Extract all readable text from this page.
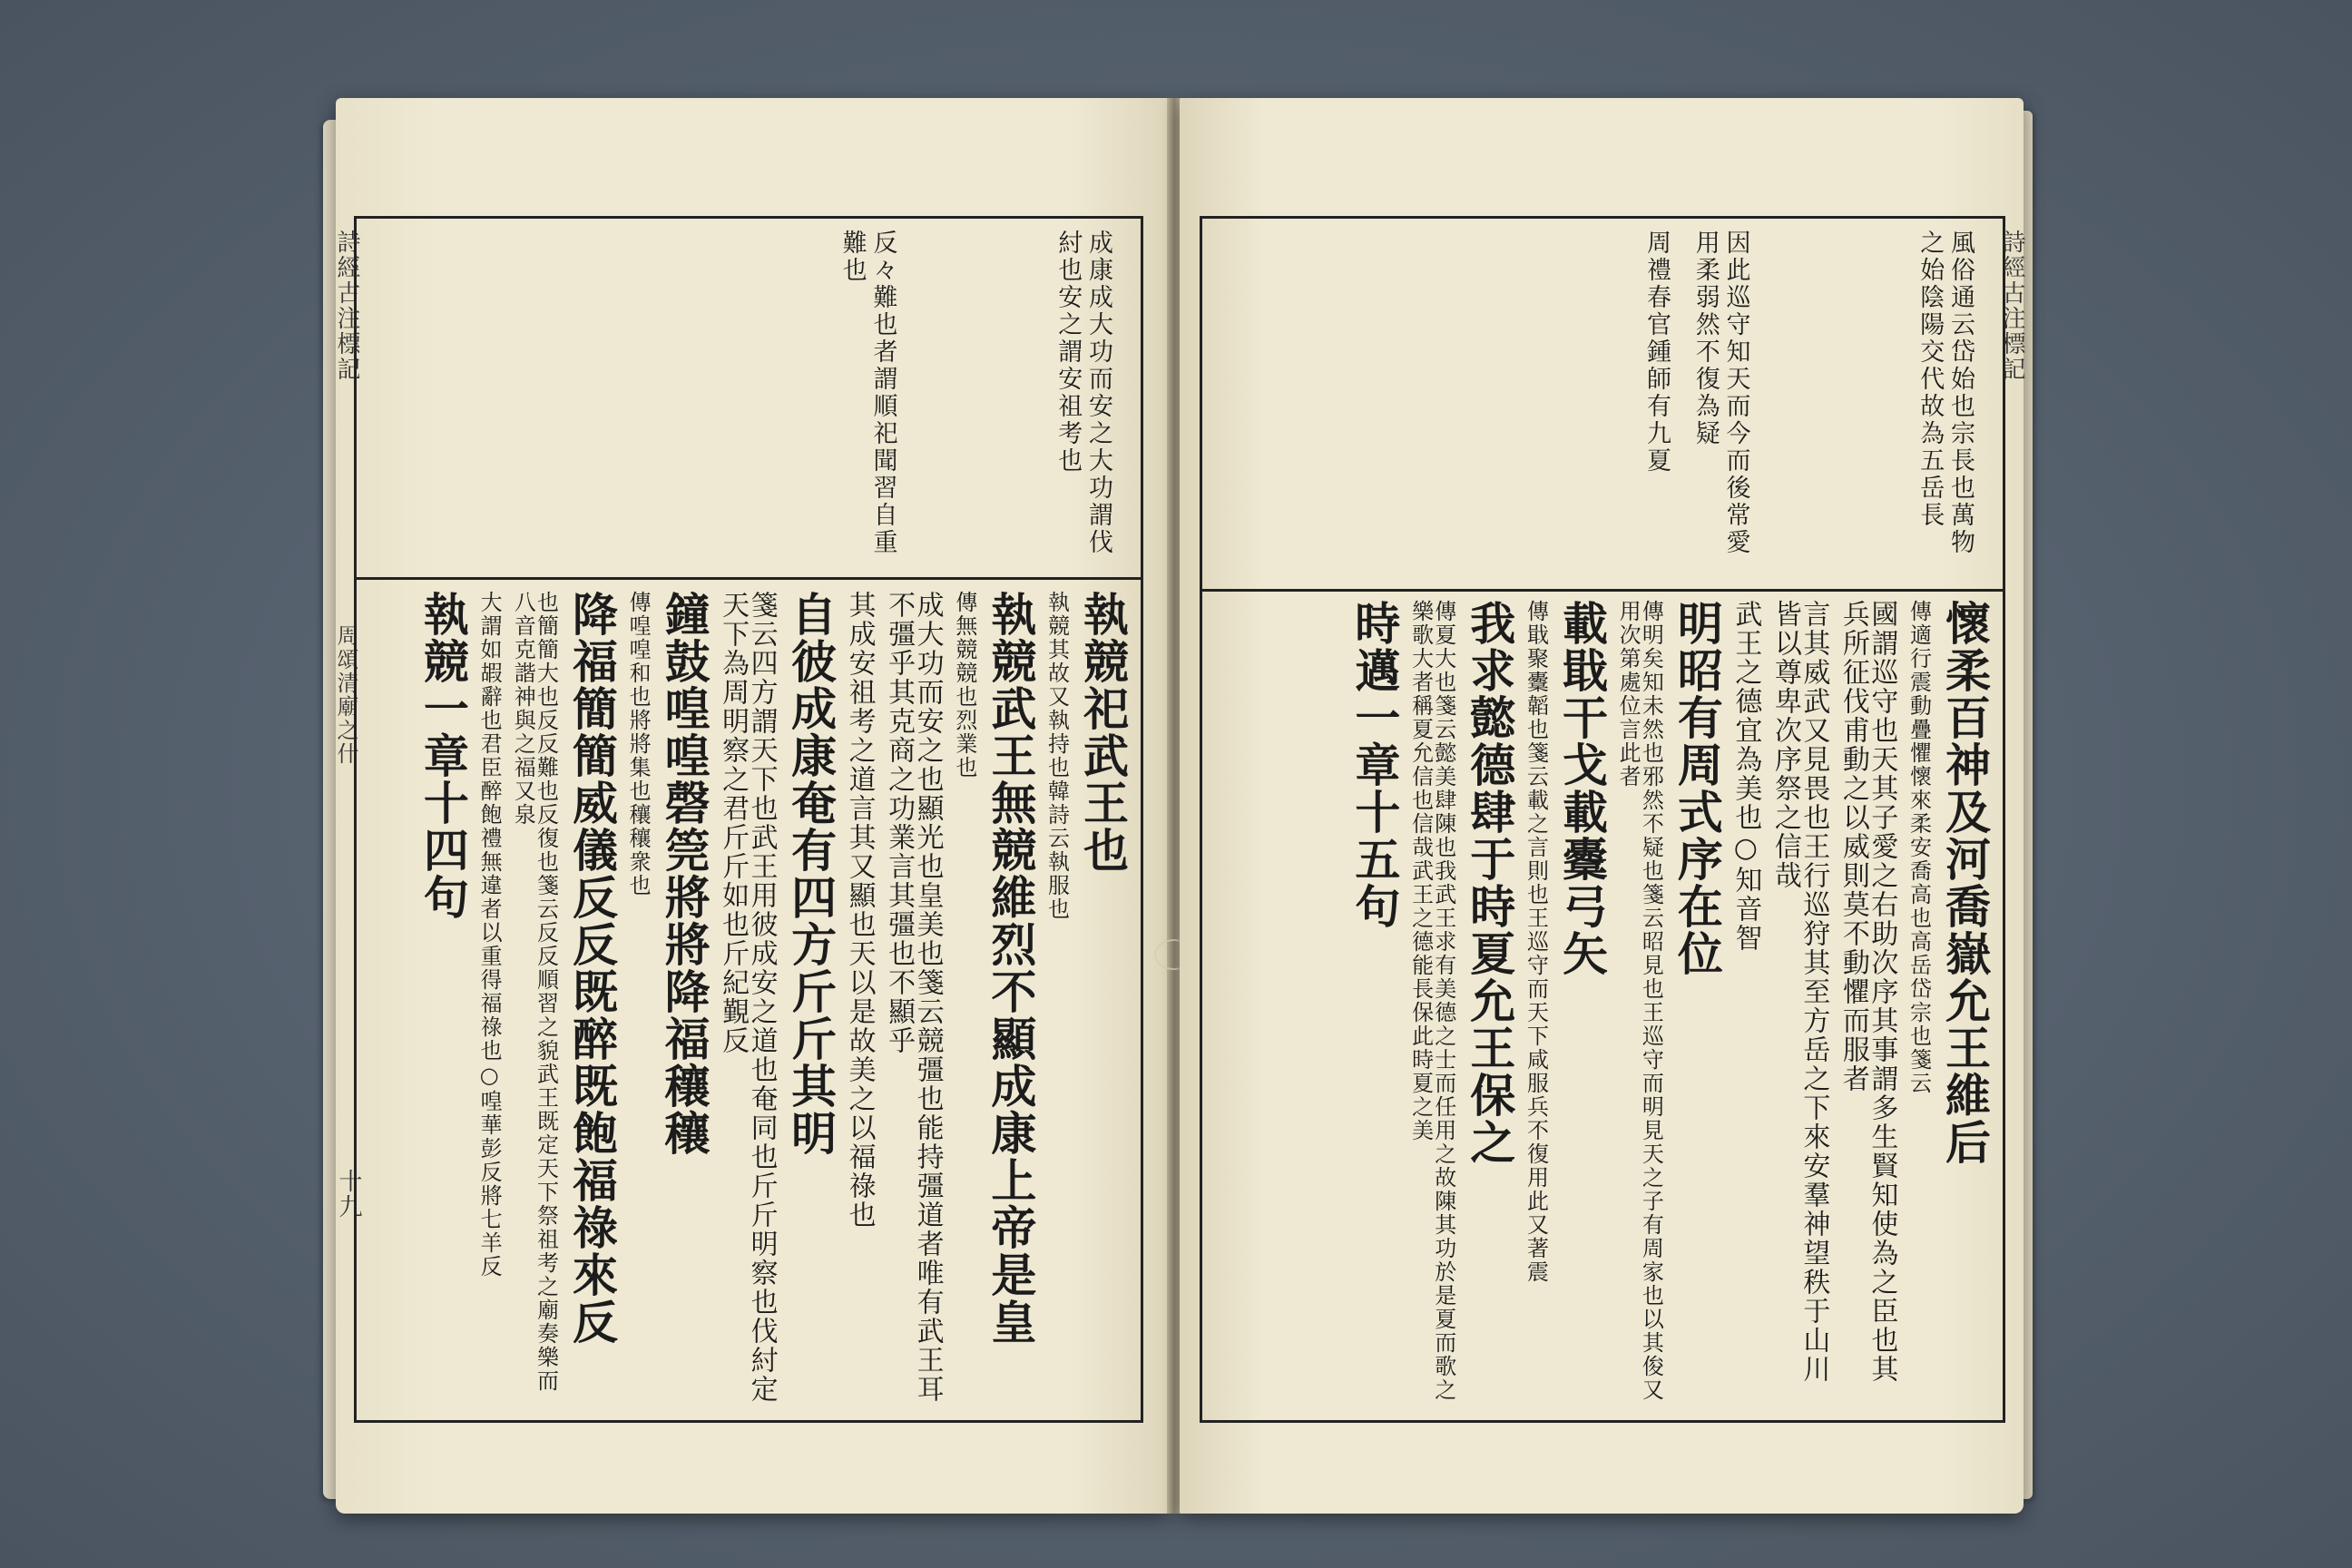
詩經古注標記
周頌清廟之什
十九
成康成大功而安之大功謂伐紂也安之謂安祖考也
反々難也者謂順祀聞習自重難也
執競祀武王也
執競其故又執持也韓詩云執服也
執競武王無競維烈不顯成康上帝是皇
傳無競競也烈業也
成大功而安之也顯光也皇美也箋云競彊也能持彊道者唯有武王耳不彊乎其克商之功業言其彊也不顯乎
其成安祖考之道言其又顯也天以是故美之以福祿也
自彼成康奄有四方斤斤其明
箋云四方謂天下也武王用彼成安之道也奄同也斤斤明察也伐紂定天下為周明察之君斤斤如也斤紀覲反
鐘鼓喤喤磬筦將將降福穰穰
傳喤喤和也將將集也穰穰衆也
降福簡簡威儀反反既醉既飽福祿來反
也簡簡大也反反難也反復也箋云反反順習之貌武王既定天下祭祖考之廟奏樂而八音克諧神與之福又泉
大謂如嘏辭也君臣醉飽禮無違者以重得福祿也○喤華彭反將七羊反
執競一章十四句
詩經古注標記
風俗通云岱始也宗長也萬物之始陰陽交代故為五岳長
因此巡守知天而今而後常愛用柔弱然不復為疑
周禮春官鍾師有九夏
懷柔百神及河喬嶽允王維后
傳適行震動疊懼懷來柔安喬高也高岳岱宗也箋云
國謂巡守也天其子愛之右助次序其事謂多生賢知使為之臣也其兵所征伐甫動之以威則莫不動懼而服者
言其威武又見畏也王行巡狩其至方岳之下來安羣神望秩于山川皆以尊卑次序祭之信哉
武王之德宜為美也○知音智
明昭有周式序在位
傳明矣知未然也邪然不疑也箋云昭見也王巡守而明見天之子有周家也以其俊又用次第處位言此者
載戢干戈載櫜弓矢
傳戢聚櫜韜也箋云載之言則也王巡守而天下咸服兵不復用此又著震
我求懿德肆于時夏允王保之
傳夏大也箋云懿美肆陳也我武王求有美德之士而任用之故陳其功於是夏而歌之樂歌大者稱夏允信也信哉武王之德能長保此時夏之美
時邁一章十五句
